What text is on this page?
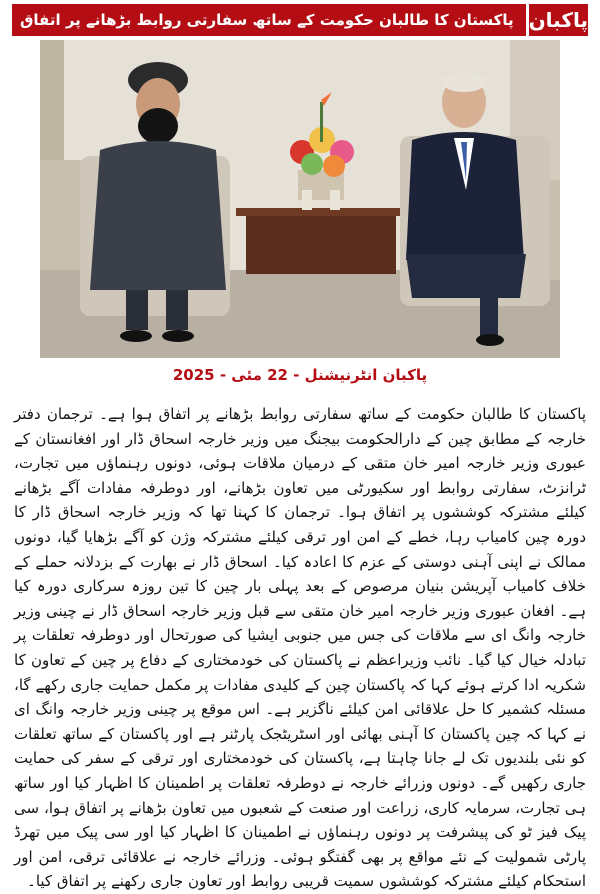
پاکستان کا طالبان حکومت کے ساتھ سفارتی روابط بڑھانے پر اتفاق پاکبان
پاکبان انٹرنیشنل - 22 مئی - 2025
پاکستان کا طالبان حکومت کے ساتھ سفارتی روابط بڑھانے پر اتفاق ہوا ہے۔ ترجمان دفتر خارجہ کے مطابق چین کے دارالحکومت بیجنگ میں وزیر خارجہ اسحاق ڈار اور افغانستان کے عبوری وزیر خارجہ امیر خان متقی کے درمیان ملاقات ہوئی، دونوں رہنماؤں میں تجارت، ٹرانزٹ، سفارتی روابط اور سکیورٹی میں تعاون بڑھانے، اور دوطرفہ مفادات آگے بڑھانے کیلئے مشترکہ کوششوں پر اتفاق ہوا۔ ترجمان کا کہنا تھا کہ وزیر خارجہ اسحاق ڈار کا دورہ چین کامیاب رہا، خطے کے امن اور ترقی کیلئے مشترکہ وژن کو آگے بڑھایا گیا، دونوں ممالک نے اپنی آہنی دوستی کے عزم کا اعادہ کیا۔ اسحاق ڈار نے بھارت کے بزدلانہ حملے کے خلاف کامیاب آپریشن بنیان مرصوص کے بعد پہلی بار چین کا تین روزہ سرکاری دورہ کیا ہے۔ افغان عبوری وزیر خارجہ امیر خان متقی سے قبل وزیر خارجہ اسحاق ڈار نے چینی وزیر خارجہ وانگ ای سے ملاقات کی جس میں جنوبی ایشیا کی صورتحال اور دوطرفہ تعلقات پر تبادلہ خیال کیا گیا۔ نائب وزیراعظم نے پاکستان کی خودمختاری کے دفاع پر چین کے تعاون کا شکریہ ادا کرتے ہوئے کہا کہ پاکستان چین کے کلیدی مفادات پر مکمل حمایت جاری رکھے گا، مسئلہ کشمیر کا حل علاقائی امن کیلئے ناگزیر ہے۔ اس موقع پر چینی وزیر خارجہ وانگ ای نے کہا کہ چین پاکستان کا آہنی بھائی اور اسٹریٹجک پارٹنر ہے اور پاکستان کے ساتھ تعلقات کو نئی بلندیوں تک لے جانا چاہتا ہے، پاکستان کی خودمختاری اور ترقی کے سفر کی حمایت جاری رکھیں گے۔ دونوں وزرائے خارجہ نے دوطرفہ تعلقات پر اطمینان کا اظہار کیا اور ساتھ ہی تجارت، سرمایہ کاری، زراعت اور صنعت کے شعبوں میں تعاون بڑھانے پر اتفاق ہوا، سی پیک فیز ٹو کی پیشرفت پر دونوں رہنماؤں نے اطمینان کا اظہار کیا اور سی پیک میں تھرڈ پارٹی شمولیت کے نئے مواقع پر بھی گفتگو ہوئی۔ وزرائے خارجہ نے علاقائی ترقی، امن اور استحکام کیلئے مشترکہ کوششوں سمیت قریبی روابط اور تعاون جاری رکھنے پر اتفاق کیا۔
